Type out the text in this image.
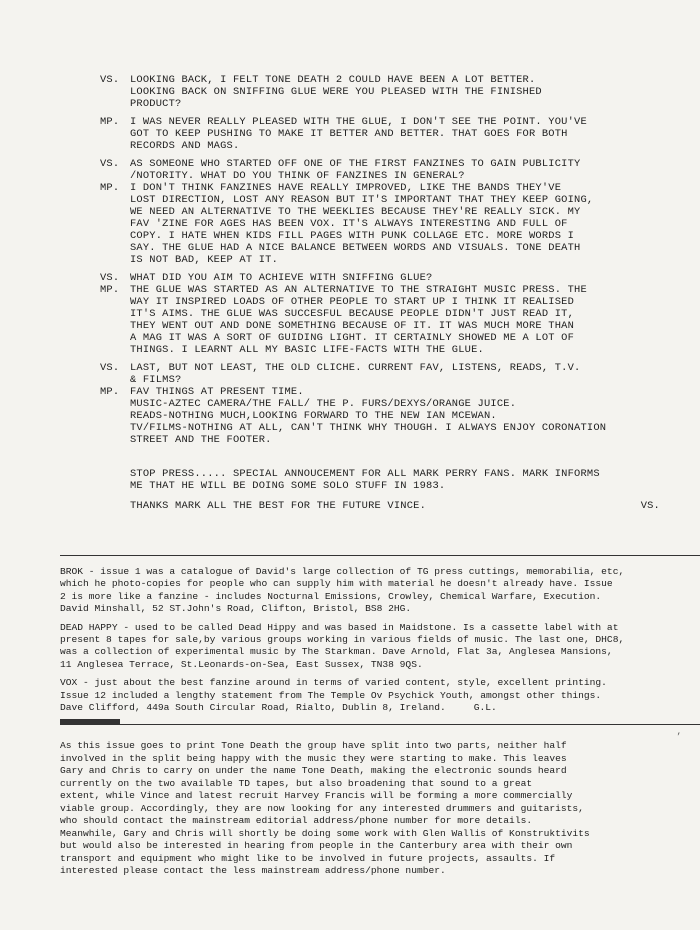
VS.	LOOKING BACK, I FELT TONE DEATH 2 COULD HAVE BEEN A LOT BETTER.
LOOKING BACK ON SNIFFING GLUE WERE YOU PLEASED WITH THE FINISHED
PRODUCT?
MP.	I WAS NEVER REALLY PLEASED WITH THE GLUE, I DON'T SEE THE POINT. YOU'VE
GOT TO KEEP PUSHING TO MAKE IT BETTER AND BETTER. THAT GOES FOR BOTH
RECORDS AND MAGS.
VS.	AS SOMEONE WHO STARTED OFF ONE OF THE FIRST FANZINES TO GAIN PUBLICITY
/NOTORITY. WHAT DO YOU THINK OF FANZINES IN GENERAL?
MP.	I DON'T THINK FANZINES HAVE REALLY IMPROVED, LIKE THE BANDS THEY'VE
LOST DIRECTION, LOST ANY REASON BUT IT'S IMPORTANT THAT THEY KEEP GOING,
WE NEED AN ALTERNATIVE TO THE WEEKLIES BECAUSE THEY'RE REALLY SICK. MY
FAV 'ZINE FOR AGES HAS BEEN VOX. IT'S ALWAYS INTERESTING AND FULL OF
COPY. I HATE WHEN KIDS FILL PAGES WITH PUNK COLLAGE ETC. MORE WORDS I
SAY. THE GLUE HAD A NICE BALANCE BETWEEN WORDS AND VISUALS. TONE DEATH
IS NOT BAD, KEEP AT IT.
VS.	WHAT DID YOU AIM TO ACHIEVE WITH SNIFFING GLUE?
MP.	THE GLUE WAS STARTED AS AN ALTERNATIVE TO THE STRAIGHT MUSIC PRESS. THE
WAY IT INSPIRED LOADS OF OTHER PEOPLE TO START UP I THINK IT REALISED
IT'S AIMS. THE GLUE WAS SUCCESFUL BECAUSE PEOPLE DIDN'T JUST READ IT,
THEY WENT OUT AND DONE SOMETHING BECAUSE OF IT. IT WAS MUCH MORE THAN
A MAG IT WAS A SORT OF GUIDING LIGHT. IT CERTAINLY SHOWED ME A LOT OF
THINGS. I LEARNT ALL MY BASIC LIFE-FACTS WITH THE GLUE.
VS.	LAST, BUT NOT LEAST, THE OLD CLICHE. CURRENT FAV, LISTENS, READS, T.V.
& FILMS?
MP.	FAV THINGS AT PRESENT TIME.
MUSIC-AZTEC CAMERA/THE FALL/ THE P. FURS/DEXYS/ORANGE JUICE.
READS-NOTHING MUCH,LOOKING FORWARD TO THE NEW IAN MCEWAN.
TV/FILMS-NOTHING AT ALL, CAN'T THINK WHY THOUGH. I ALWAYS ENJOY CORONATION
STREET AND THE FOOTER.
STOP PRESS..... SPECIAL ANNOUCEMENT FOR ALL MARK PERRY FANS. MARK INFORMS
ME THAT HE WILL BE DOING SOME SOLO STUFF IN 1983.
THANKS MARK ALL THE BEST FOR THE FUTURE VINCE.	VS.
BROK - issue 1 was a catalogue of David's large collection of TG press cuttings, memorabilia, etc,
which he photo-copies for people who can supply him with material he doesn't already have. Issue
2 is more like a fanzine - includes Nocturnal Emissions, Crowley, Chemical Warfare, Execution.
David Minshall, 52 ST.John's Road, Clifton, Bristol, BS8 2HG.
DEAD HAPPY - used to be called Dead Hippy and was based in Maidstone. Is a cassette label with at
present 8 tapes for sale,by various groups working in various fields of music. The last one, DHC8,
was a collection of experimental music by The Starkman. Dave Arnold, Flat 3a, Anglesea Mansions,
11 Anglesea Terrace, St.Leonards-on-Sea, East Sussex, TN38 9QS.
VOX - just about the best fanzine around in terms of varied content, style, excellent printing.
Issue 12 included a lengthy statement from The Temple Ov Psychick Youth, amongst other things.
Dave Clifford, 449a South Circular Road, Rialto, Dublin 8, Ireland.	G.L.
’
As this issue goes to print Tone Death the group have split into two parts, neither half
involved in the split being happy with the music they were starting to make. This leaves
Gary and Chris to carry on under the name Tone Death, making the electronic sounds heard
currently on the two available TD tapes, but also broadening that sound to a great
extent, while Vince and latest recruit Harvey Francis will be forming a more commercially
viable group. Accordingly, they are now looking for any interested drummers and guitarists,
who should contact the mainstream editorial address/phone number for more details.
Meanwhile, Gary and Chris will shortly be doing some work with Glen Wallis of Konstruktivits
but would also be interested in hearing from people in the Canterbury area with their own
transport and equipment who might like to be involved in future projects, assaults. If
interested please contact the less mainstream address/phone number.
